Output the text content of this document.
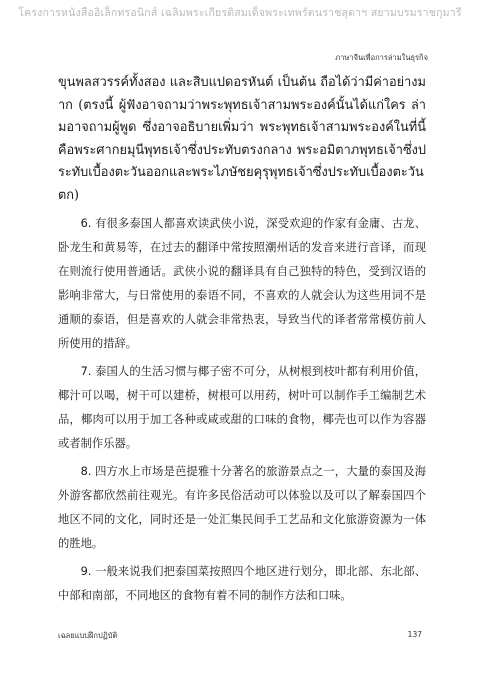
โครงการหนังสืออิเล็กทรอนิกส์ เฉลิมพระเกียรติสมเด็จพระเทพรัตนราชสุดาฯ สยามบรมราชกุมารี
ภาษาจีนเพื่อการล่ามในธุรกิจ

ขุนพลสวรรค์ทั้งสอง และสิบแปดอรหันต์ เป็นต้น ถือได้ว่ามีค่าอย่างมาก (ตรงนี้ ผู้ฟังอาจถามว่าพระพุทธเจ้าสามพระองค์นั้นได้แก่ใคร ล่ามอาจถามผู้พูด ซึ่งอาจอธิบายเพิ่มว่า พระพุทธเจ้าสามพระองค์ในที่นี้คือพระศากยมุนีพุทธเจ้าซึ่งประทับตรงกลาง พระอมิตาภพุทธเจ้าซึ่งประทับเบื้องตะวันออกและพระไภษัชยคุรุพุทธเจ้าซึ่งประทับเบื้องตะวันตก)

6. 有很多泰国人都喜欢读武侠小说，深受欢迎的作家有金庸、古龙、卧龙生和黄易等，在过去的翻译中常按照潮州话的发音来进行音译，而现在则流行使用普通话。武侠小说的翻译具有自己独特的特色，受到汉语的影响非常大，与日常使用的泰语不同，不喜欢的人就会认为这些用词不是通顺的泰语，但是喜欢的人就会非常热衷，导致当代的译者常常模仿前人所使用的措辞。

7. 泰国人的生活习惯与椰子密不可分，从树根到枝叶都有利用价值，椰汁可以喝，树干可以建桥，树根可以用药，树叶可以制作手工编制艺术品，椰肉可以用于加工各种或咸或甜的口味的食物，椰壳也可以作为容器或者制作乐器。

8. 四方水上市场是芭提雅十分著名的旅游景点之一，大量的泰国及海外游客都欣然前往观光。有许多民俗活动可以体验以及可以了解泰国四个地区不同的文化，同时还是一处汇集民间手工艺品和文化旅游资源为一体的胜地。

9. 一般来说我们把泰国菜按照四个地区进行划分，即北部、东北部、中部和南部，不同地区的食物有着不同的制作方法和口味。

เฉลยแบบฝึกปฏิบัติ	137
